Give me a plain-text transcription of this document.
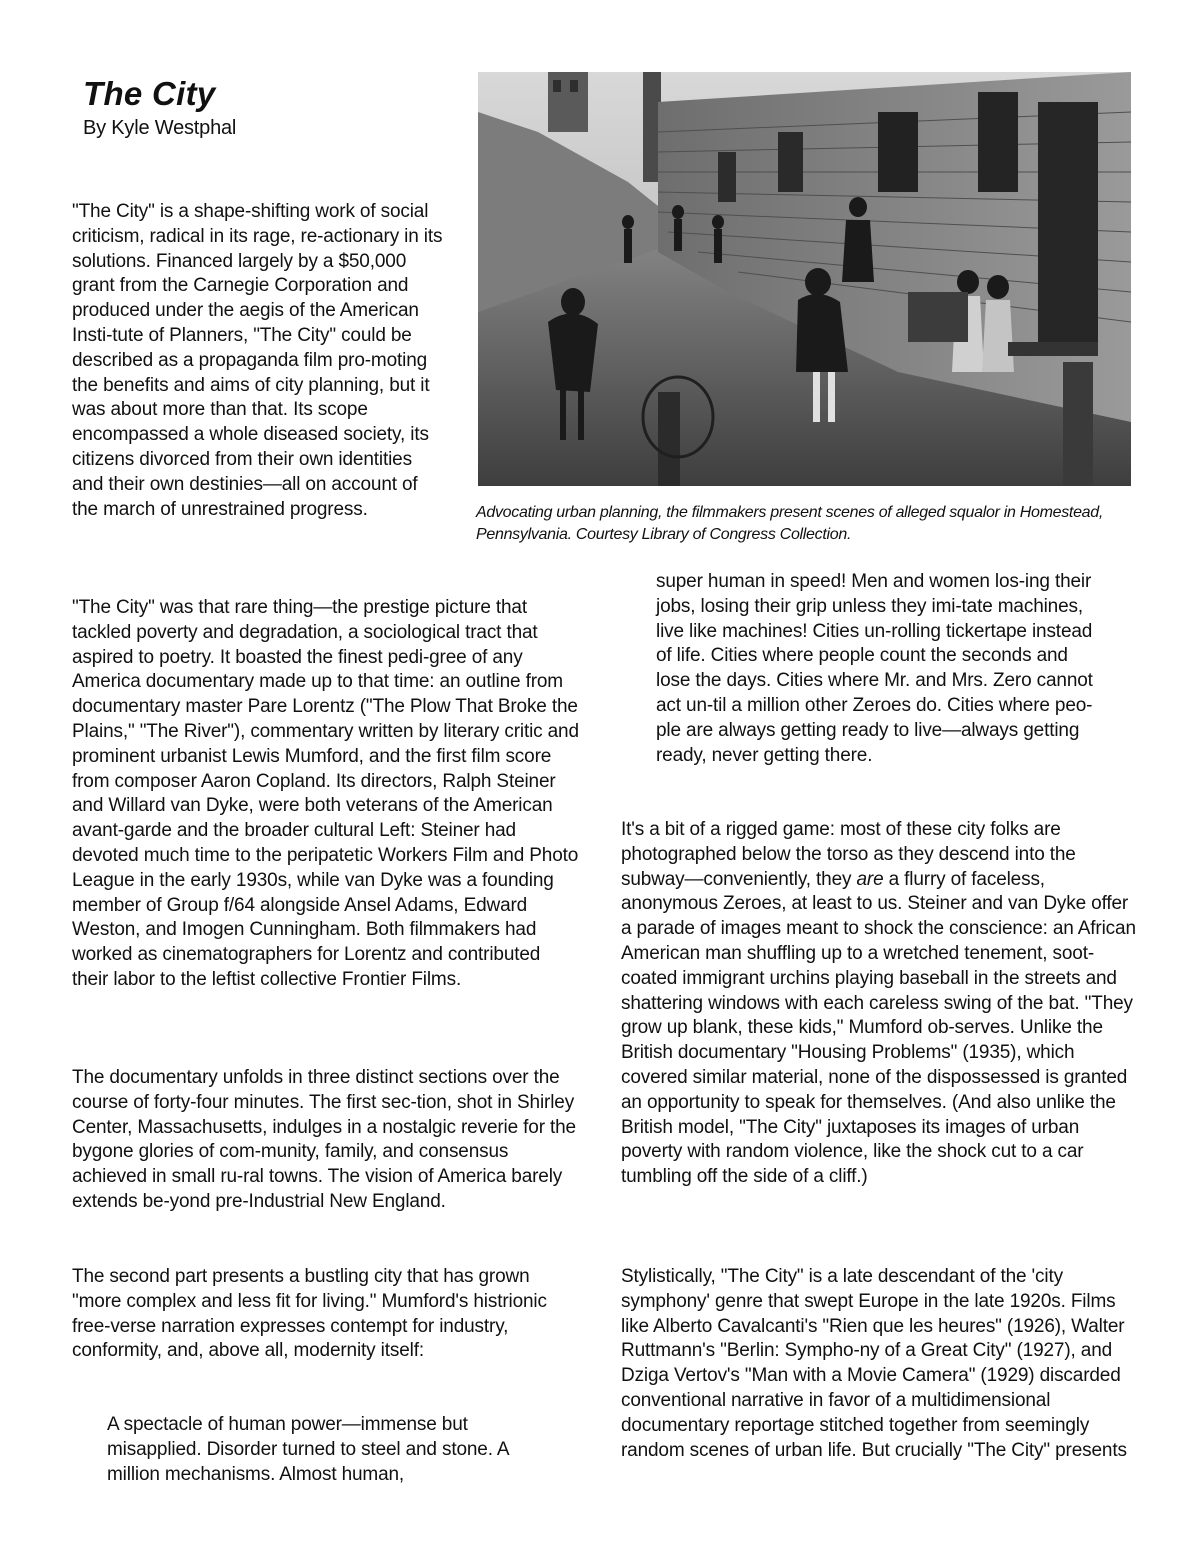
The City
By Kyle Westphal

"The City" is a shape-shifting work of social criticism, radical in its rage, re-actionary in its solutions. Financed largely by a $50,000 grant from the Carnegie Corporation and produced under the aegis of the American Insti-tute of Planners, "The City" could be described as a propaganda film pro-moting the benefits and aims of city planning, but it was about more than that. Its scope encompassed a whole diseased society, its citizens divorced from their own identities and their own destinies—all on account of the march of unrestrained progress.

"The City" was that rare thing—the prestige picture that tackled poverty and degradation, a sociological tract that aspired to poetry. It boasted the finest pedi-gree of any America documentary made up to that time: an outline from documentary master Pare Lorentz ("The Plow That Broke the Plains," "The River"), commentary written by literary critic and prominent urbanist Lewis Mumford, and the first film score from composer Aaron Copland. Its directors, Ralph Steiner and Willard van Dyke, were both veterans of the American avant-garde and the broader cultural Left: Steiner had devoted much time to the peripatetic Workers Film and Photo League in the early 1930s, while van Dyke was a founding member of Group f/64 alongside Ansel Adams, Edward Weston, and Imogen Cunningham. Both filmmakers had worked as cinematographers for Lorentz and contributed their labor to the leftist collective Frontier Films.

The documentary unfolds in three distinct sections over the course of forty-four minutes. The first sec-tion, shot in Shirley Center, Massachusetts, indulges in a nostalgic reverie for the bygone glories of com-munity, family, and consensus achieved in small ru-ral towns. The vision of America barely extends be-yond pre-Industrial New England.

The second part presents a bustling city that has grown "more complex and less fit for living." Mumford's histrionic free-verse narration expresses contempt for industry, conformity, and, above all, modernity itself:

A spectacle of human power—immense but misapplied. Disorder turned to steel and stone. A million mechanisms. Almost human,

Advocating urban planning, the filmmakers present scenes of alleged squalor in Homestead, Pennsylvania. Courtesy Library of Congress Collection.

super human in speed! Men and women los-ing their jobs, losing their grip unless they imi-tate machines, live like machines! Cities un-rolling tickertape instead of life. Cities where people count the seconds and lose the days. Cities where Mr. and Mrs. Zero cannot act un-til a million other Zeroes do. Cities where peo-ple are always getting ready to live—always getting ready, never getting there.

It's a bit of a rigged game: most of these city folks are photographed below the torso as they descend into the subway—conveniently, they are a flurry of faceless, anonymous Zeroes, at least to us. Steiner and van Dyke offer a parade of images meant to shock the conscience: an African American man shuffling up to a wretched tenement, soot-coated immigrant urchins playing baseball in the streets and shattering windows with each careless swing of the bat. "They grow up blank, these kids," Mumford ob-serves. Unlike the British documentary "Housing Problems" (1935), which covered similar material, none of the dispossessed is granted an opportunity to speak for themselves. (And also unlike the British model, "The City" juxtaposes its images of urban poverty with random violence, like the shock cut to a car tumbling off the side of a cliff.)

Stylistically, "The City" is a late descendant of the 'city symphony' genre that swept Europe in the late 1920s. Films like Alberto Cavalcanti's "Rien que les heures" (1926), Walter Ruttmann's "Berlin: Sympho-ny of a Great City" (1927), and Dziga Vertov's "Man with a Movie Camera" (1929) discarded conventional narrative in favor of a multidimensional documentary reportage stitched together from seemingly random scenes of urban life. But crucially "The City" presents
